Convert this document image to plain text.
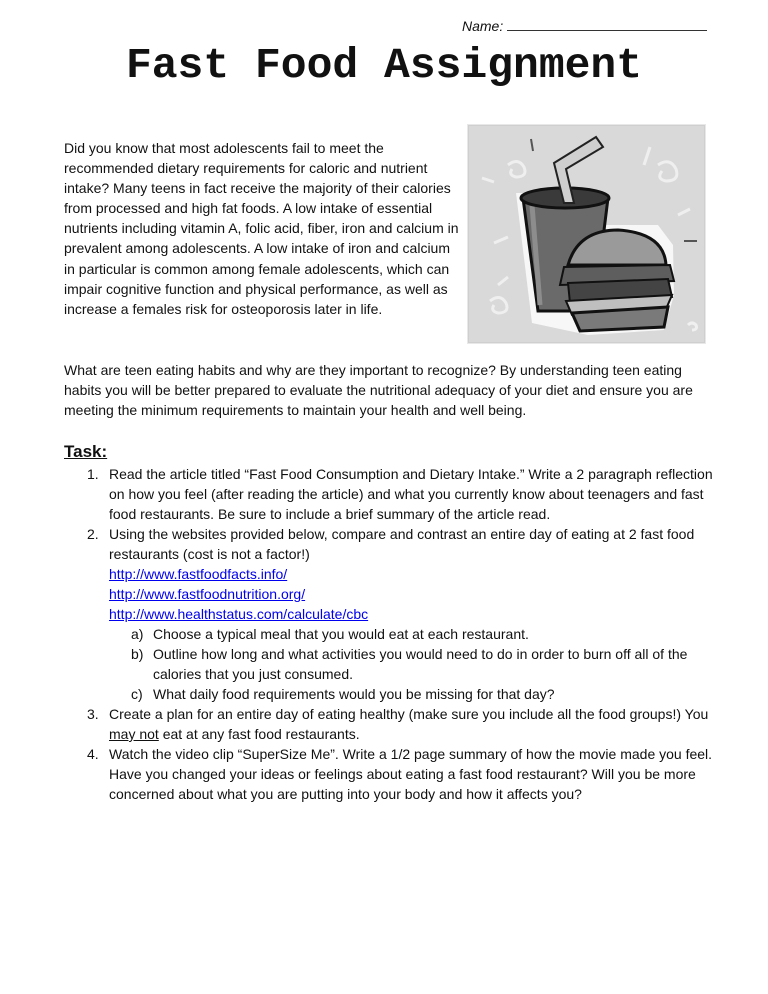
Name:
Fast Food Assignment

Did you know that most adolescents fail to meet the recommended dietary requirements for caloric and nutrient intake? Many teens in fact receive the majority of their calories from processed and high fat foods. A low intake of essential nutrients including vitamin A, folic acid, fiber, iron and calcium in prevalent among adolescents. A low intake of iron and calcium in particular is common among female adolescents, which can impair cognitive function and physical performance, as well as increase a females risk for osteoporosis later in life.

What are teen eating habits and why are they important to recognize? By understanding teen eating habits you will be better prepared to evaluate the nutritional adequacy of your diet and ensure you are meeting the minimum requirements to maintain your health and well being.

Task:
1. Read the article titled “Fast Food Consumption and Dietary Intake.” Write a 2 paragraph reflection on how you feel (after reading the article) and what you currently know about teenagers and fast food restaurants. Be sure to include a brief summary of the article read.
2. Using the websites provided below, compare and contrast an entire day of eating at 2 fast food restaurants (cost is not a factor!)
http://www.fastfoodfacts.info/
http://www.fastfoodnutrition.org/
http://www.healthstatus.com/calculate/cbc
a) Choose a typical meal that you would eat at each restaurant.
b) Outline how long and what activities you would need to do in order to burn off all of the calories that you just consumed.
c) What daily food requirements would you be missing for that day?
3. Create a plan for an entire day of eating healthy (make sure you include all the food groups!) You may not eat at any fast food restaurants.
4. Watch the video clip “SuperSize Me”. Write a 1/2 page summary of how the movie made you feel. Have you changed your ideas or feelings about eating a fast food restaurant? Will you be more concerned about what you are putting into your body and how it affects you?
